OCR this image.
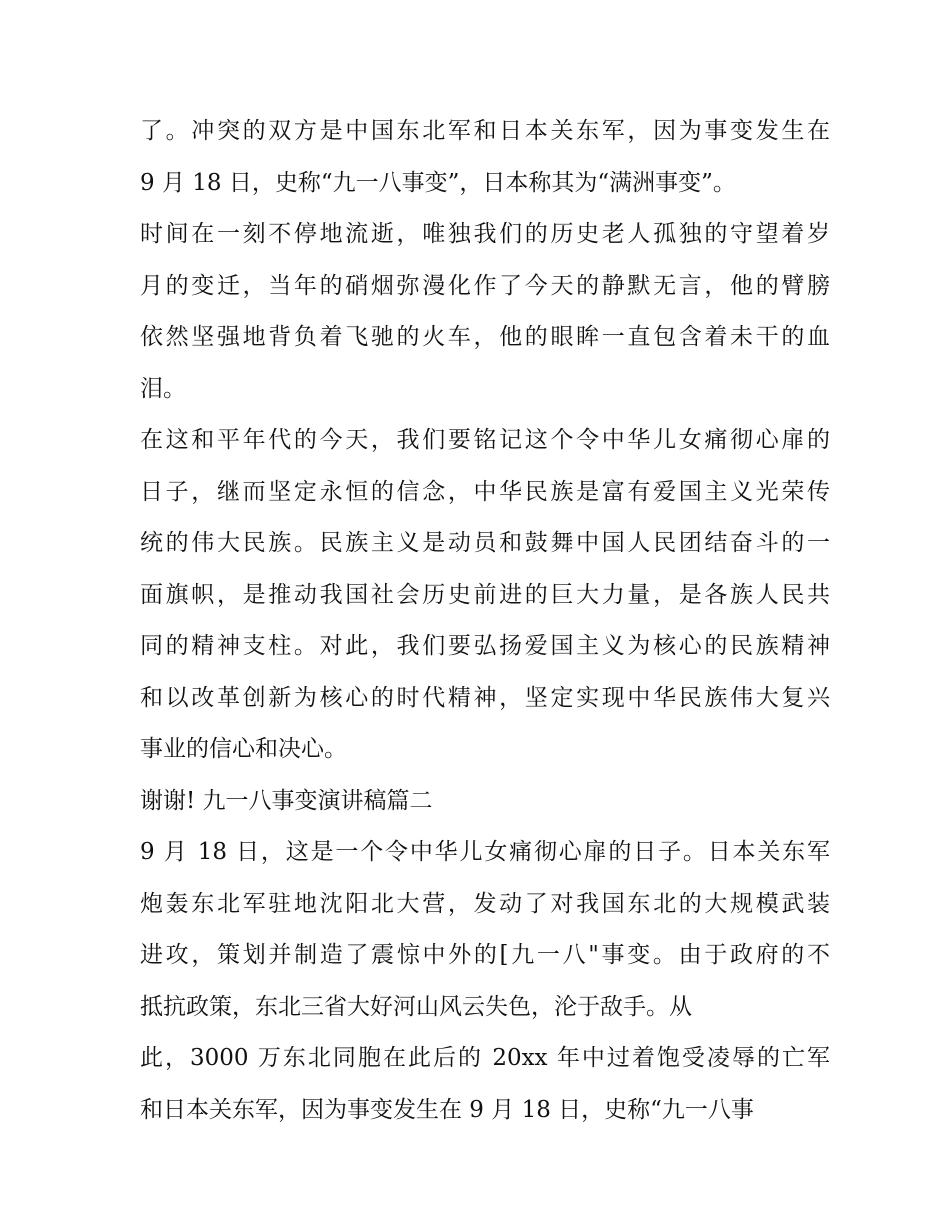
了。冲突的双方是中国东北军和日本关东军，因为事变发生在
9 月 18 日，史称“九一八事变”，日本称其为“满洲事变”。
时间在一刻不停地流逝，唯独我们的历史老人孤独的守望着岁
月的变迁，当年的硝烟弥漫化作了今天的静默无言，他的臂膀
依然坚强地背负着飞驰的火车，他的眼眸一直包含着未干的血
泪。
在这和平年代的今天，我们要铭记这个令中华儿女痛彻心扉的
日子，继而坚定永恒的信念，中华民族是富有爱国主义光荣传
统的伟大民族。民族主义是动员和鼓舞中国人民团结奋斗的一
面旗帜，是推动我国社会历史前进的巨大力量，是各族人民共
同的精神支柱。对此，我们要弘扬爱国主义为核心的民族精神
和以改革创新为核心的时代精神，坚定实现中华民族伟大复兴
事业的信心和决心。
谢谢! 九一八事变演讲稿篇二
9 月 18 日，这是一个令中华儿女痛彻心扉的日子。日本关东军
炮轰东北军驻地沈阳北大营，发动了对我国东北的大规模武装
进攻，策划并制造了震惊中外的[九一八"事变。由于政府的不
抵抗政策，东北三省大好河山风云失色，沦于敌手。从
此，3000 万东北同胞在此后的 20xx 年中过着饱受凌辱的亡军
和日本关东军，因为事变发生在 9 月 18 日，史称“九一八事
